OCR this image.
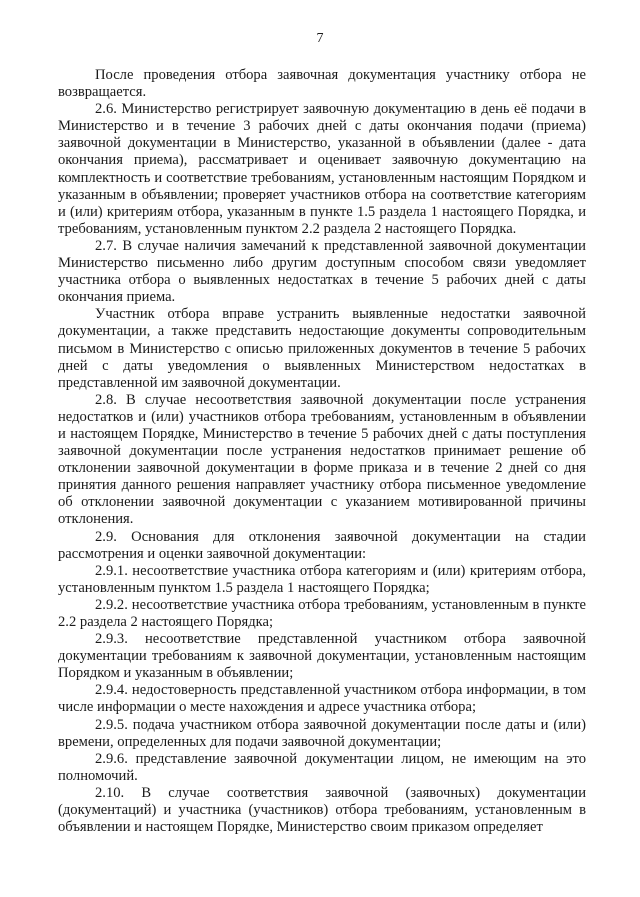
7

После проведения отбора заявочная документация участнику отбора не возвращается.

2.6. Министерство регистрирует заявочную документацию в день её подачи в Министерство и в течение 3 рабочих дней с даты окончания подачи (приема) заявочной документации в Министерство, указанной в объявлении (далее - дата окончания приема), рассматривает и оценивает заявочную документацию на комплектность и соответствие требованиям, установленным настоящим Порядком и указанным в объявлении; проверяет участников отбора на соответствие категориям и (или) критериям отбора, указанным в пункте 1.5 раздела 1 настоящего Порядка, и требованиям, установленным пунктом 2.2 раздела 2 настоящего Порядка.

2.7. В случае наличия замечаний к представленной заявочной документации Министерство письменно либо другим доступным способом связи уведомляет участника отбора о выявленных недостатках в течение 5 рабочих дней с даты окончания приема.

Участник отбора вправе устранить выявленные недостатки заявочной документации, а также представить недостающие документы сопроводительным письмом в Министерство с описью приложенных документов в течение 5 рабочих дней с даты уведомления о выявленных Министерством недостатках в представленной им заявочной документации.

2.8. В случае несоответствия заявочной документации после устранения недостатков и (или) участников отбора требованиям, установленным в объявлении и настоящем Порядке, Министерство в течение 5 рабочих дней с даты поступления заявочной документации после устранения недостатков принимает решение об отклонении заявочной документации в форме приказа и в течение 2 дней со дня принятия данного решения направляет участнику отбора письменное уведомление об отклонении заявочной документации с указанием мотивированной причины отклонения.

2.9. Основания для отклонения заявочной документации на стадии рассмотрения и оценки заявочной документации:

2.9.1. несоответствие участника отбора категориям и (или) критериям отбора, установленным пунктом 1.5 раздела 1 настоящего Порядка;

2.9.2. несоответствие участника отбора требованиям, установленным в пункте 2.2 раздела 2 настоящего Порядка;

2.9.3. несоответствие представленной участником отбора заявочной документации требованиям к заявочной документации, установленным настоящим Порядком и указанным в объявлении;

2.9.4. недостоверность представленной участником отбора информации, в том числе информации о месте нахождения и адресе участника отбора;

2.9.5. подача участником отбора заявочной документации после даты и (или) времени, определенных для подачи заявочной документации;

2.9.6. представление заявочной документации лицом, не имеющим на это полномочий.

2.10. В случае соответствия заявочной (заявочных) документации (документаций) и участника (участников) отбора требованиям, установленным в объявлении и настоящем Порядке, Министерство своим приказом определяет
